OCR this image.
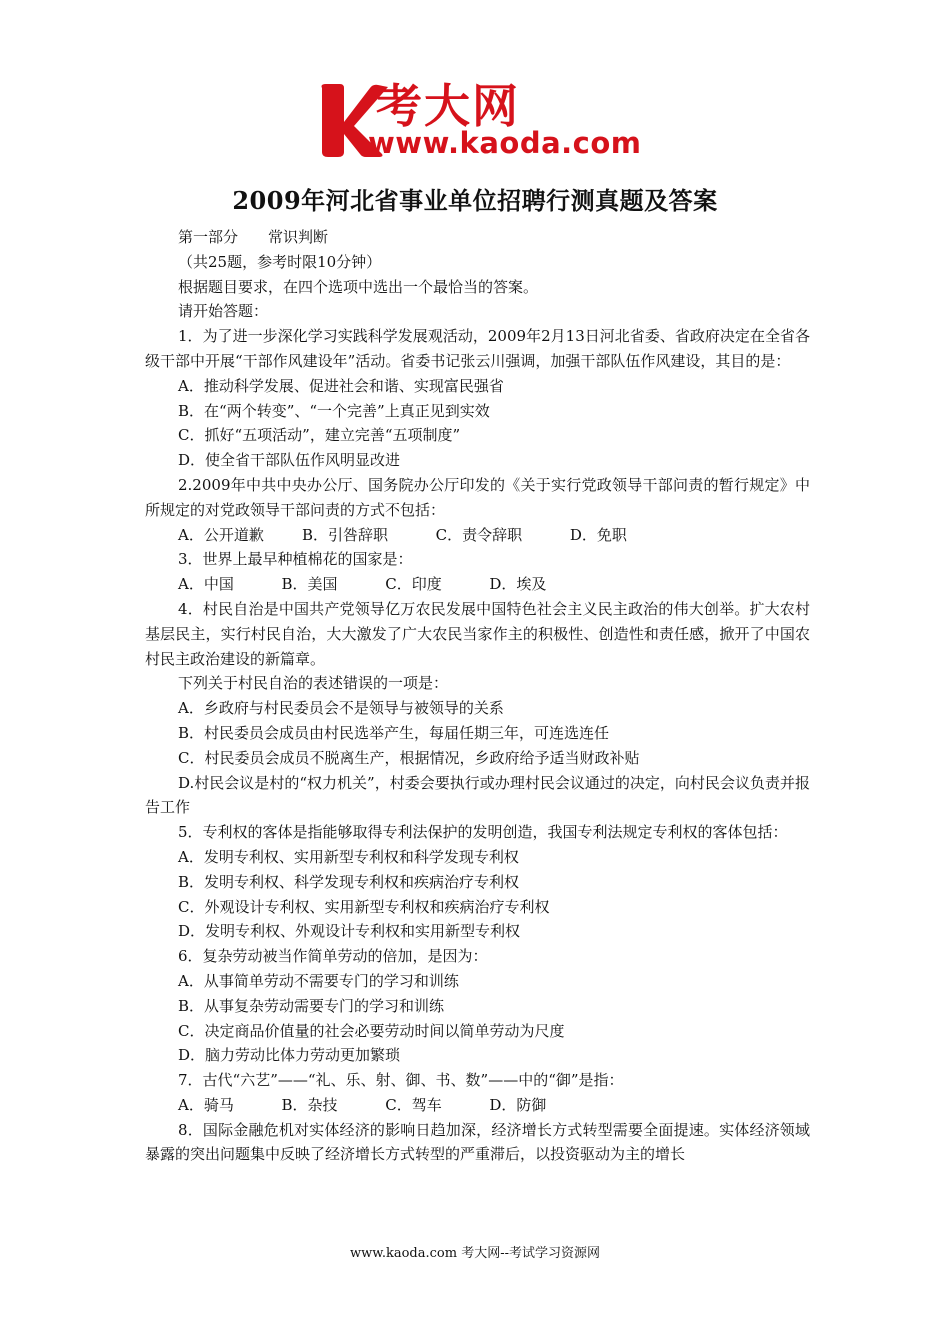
考大网
www.kaoda.com
2009年河北省事业单位招聘行测真题及答案

第一部分　　常识判断

（共25题，参考时限10分钟）

根据题目要求，在四个选项中选出一个最恰当的答案。

请开始答题：

1．为了进一步深化学习实践科学发展观活动，2009年2月13日河北省委、省政府决定在全省各级干部中开展“干部作风建设年”活动。省委书记张云川强调，加强干部队伍作风建设，其目的是：

A．推动科学发展、促进社会和谐、实现富民强省

B．在“两个转变”、“一个完善”上真正见到实效

C．抓好“五项活动”，建立完善“五项制度”

D．使全省干部队伍作风明显改进

2.2009年中共中央办公厅、国务院办公厅印发的《关于实行党政领导干部问责的暂行规定》中所规定的对党政领导干部问责的方式不包括：

A．公开道歉        B．引咎辞职          C．责令辞职          D．免职

3．世界上最早种植棉花的国家是：

A．中国          B．美国          C．印度          D．埃及

4．村民自治是中国共产党领导亿万农民发展中国特色社会主义民主政治的伟大创举。扩大农村基层民主，实行村民自治，大大激发了广大农民当家作主的积极性、创造性和责任感，掀开了中国农村民主政治建设的新篇章。

下列关于村民自治的表述错误的一项是：

A．乡政府与村民委员会不是领导与被领导的关系

B．村民委员会成员由村民选举产生，每届任期三年，可连选连任

C．村民委员会成员不脱离生产，根据情况，乡政府给予适当财政补贴

D.村民会议是村的“权力机关”，村委会要执行或办理村民会议通过的决定，向村民会议负责并报告工作

5．专利权的客体是指能够取得专利法保护的发明创造，我国专利法规定专利权的客体包括：

A．发明专利权、实用新型专利权和科学发现专利权

B．发明专利权、科学发现专利权和疾病治疗专利权

C．外观设计专利权、实用新型专利权和疾病治疗专利权

D．发明专利权、外观设计专利权和实用新型专利权

6．复杂劳动被当作简单劳动的倍加，是因为：

A．从事简单劳动不需要专门的学习和训练

B．从事复杂劳动需要专门的学习和训练

C．决定商品价值量的社会必要劳动时间以简单劳动为尺度

D．脑力劳动比体力劳动更加繁琐

7．古代“六艺”——“礼、乐、射、御、书、数”——中的“御”是指：

A．骑马          B．杂技          C．驾车          D．防御

8．国际金融危机对实体经济的影响日趋加深，经济增长方式转型需要全面提速。实体经济领域暴露的突出问题集中反映了经济增长方式转型的严重滞后，以投资驱动为主的增长

www.kaoda.com 考大网--考试学习资源网
